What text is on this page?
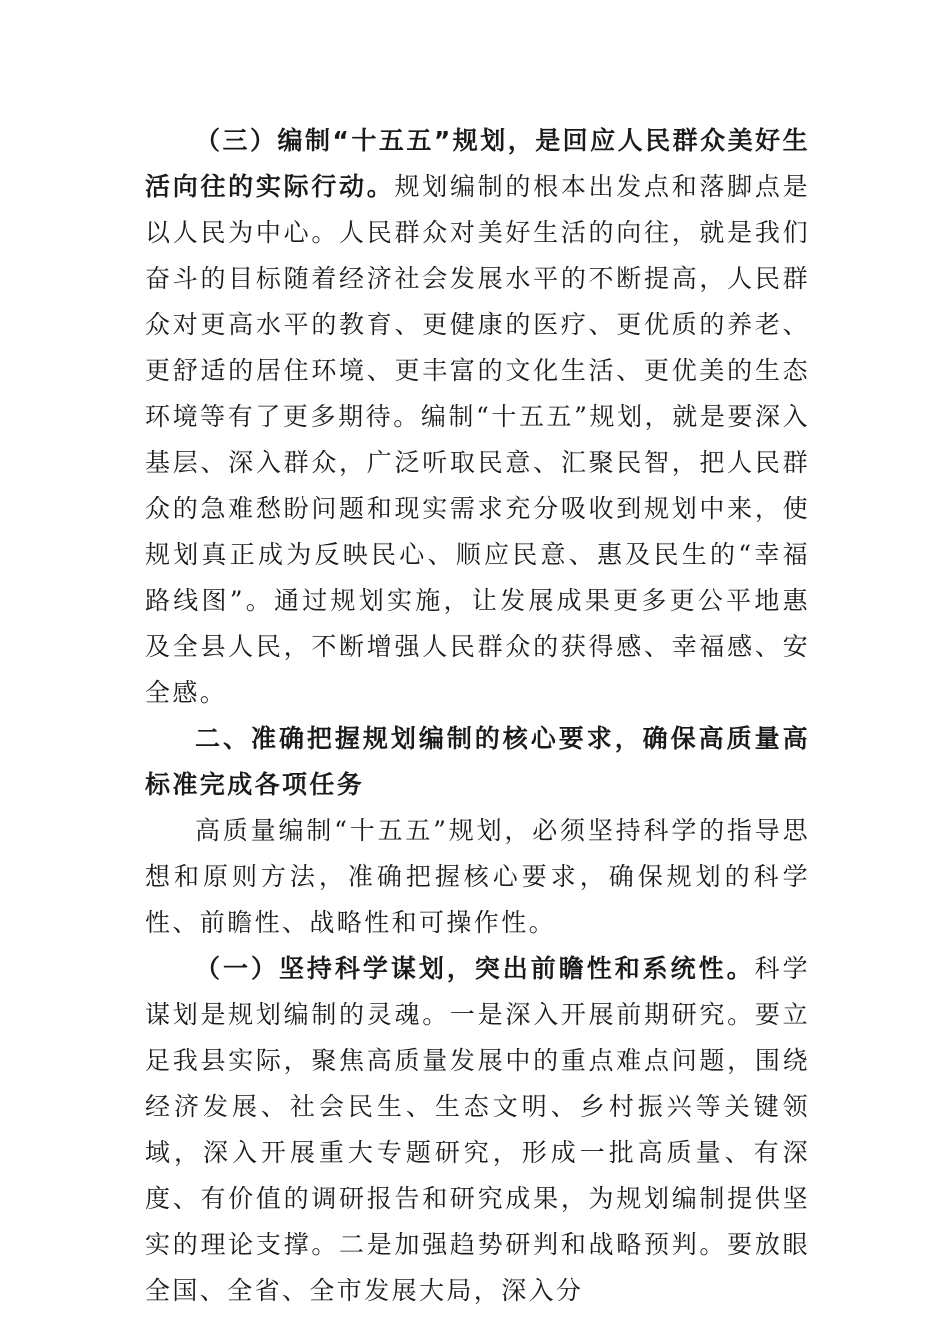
（三）编制“十五五”规划，是回应人民群众美好生活向往的实际行动。规划编制的根本出发点和落脚点是以人民为中心。人民群众对美好生活的向往，就是我们奋斗的目标随着经济社会发展水平的不断提高，人民群众对更高水平的教育、更健康的医疗、更优质的养老、更舒适的居住环境、更丰富的文化生活、更优美的生态环境等有了更多期待。编制“十五五”规划，就是要深入基层、深入群众，广泛听取民意、汇聚民智，把人民群众的急难愁盼问题和现实需求充分吸收到规划中来，使规划真正成为反映民心、顺应民意、惠及民生的“幸福路线图”。通过规划实施，让发展成果更多更公平地惠及全县人民，不断增强人民群众的获得感、幸福感、安全感。

二、准确把握规划编制的核心要求，确保高质量高标准完成各项任务

高质量编制“十五五”规划，必须坚持科学的指导思想和原则方法，准确把握核心要求，确保规划的科学性、前瞻性、战略性和可操作性。

（一）坚持科学谋划，突出前瞻性和系统性。科学谋划是规划编制的灵魂。一是深入开展前期研究。要立足我县实际，聚焦高质量发展中的重点难点问题，围绕经济发展、社会民生、生态文明、乡村振兴等关键领域，深入开展重大专题研究，形成一批高质量、有深度、有价值的调研报告和研究成果，为规划编制提供坚实的理论支撑。二是加强趋势研判和战略预判。要放眼全国、全省、全市发展大局，深入分
